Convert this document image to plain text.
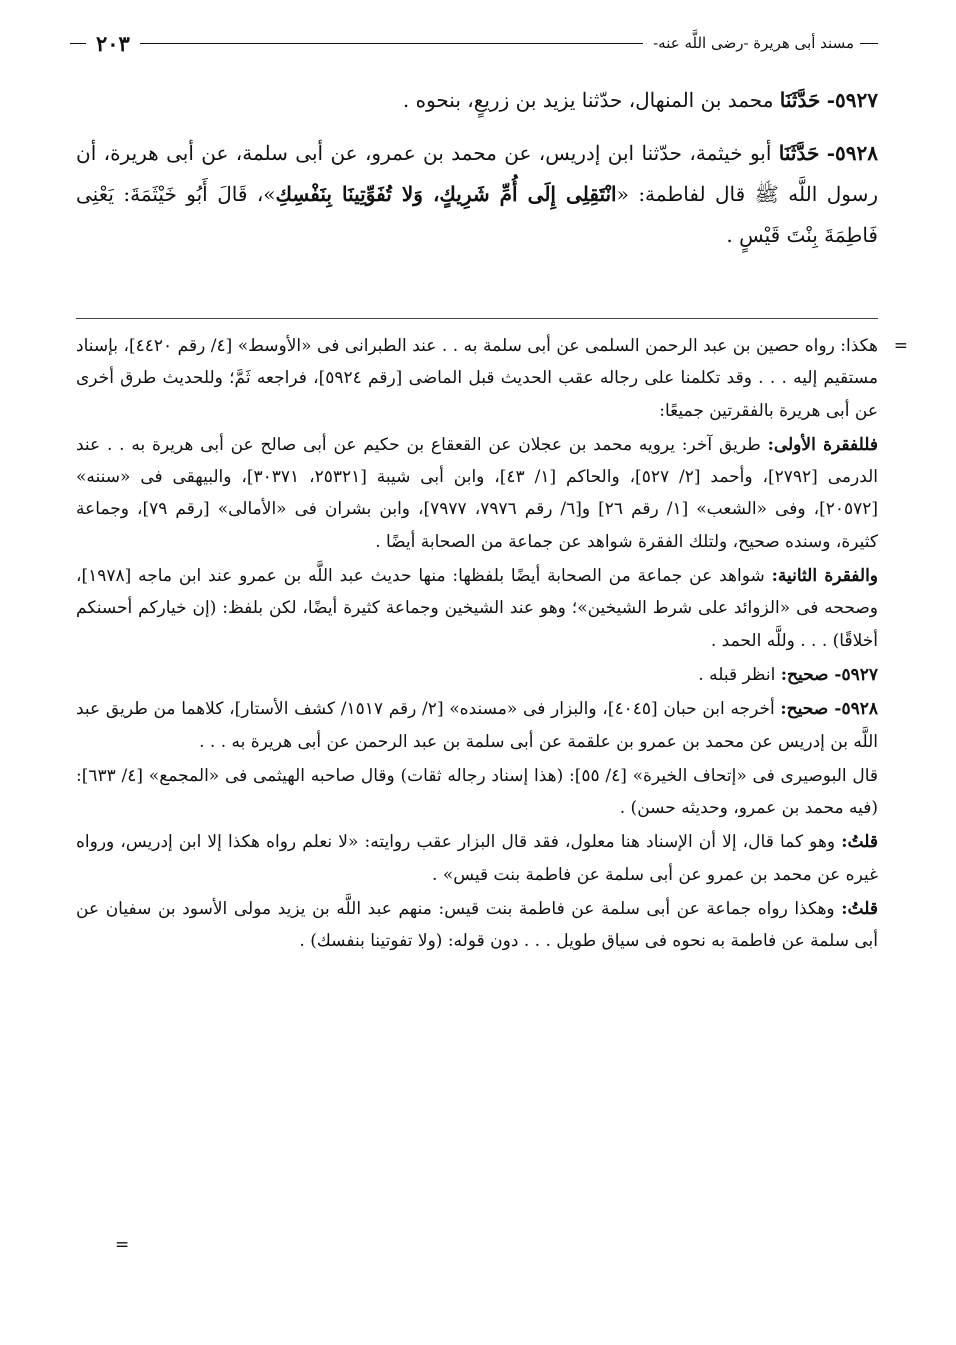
مسند أبى هريرة -رضى اللَّه عنه-
٢٠٣

٥٩٢٧- حَدَّثَنَا محمد بن المنهال، حدّثنا يزيد بن زريعٍ، بنحوه .

٥٩٢٨- حَدَّثَنَا أبو خيثمة، حدّثنا ابن إدريس، عن محمد بن عمرو، عن أبى سلمة، عن أبى هريرة، أن رسول اللَّه ﷺ قال لفاطمة: «انْتَقِلِى إِلَى أُمِّ شَرِيكٍ، وَلا تُفَوِّتِينَا بِنَفْسِكِ»، قَالَ أَبُو خَيْثَمَةَ: يَعْنِى فَاطِمَةَ بِنْتَ قَيْسٍ .

=
هكذا: رواه حصين بن عبد الرحمن السلمى عن أبى سلمة به . . عند الطبرانى فى «الأوسط» [٤/ رقم ٤٤٢٠]، بإسناد مستقيم إليه . . . وقد تكلمنا على رجاله عقب الحديث قبل الماضى [رقم ٥٩٢٤]، فراجعه ثَمَّ؛ وللحديث طرق أخرى عن أبى هريرة بالفقرتين جميعًا:

فللفقرة الأولى: طريق آخر: يرويه محمد بن عجلان عن القعقاع بن حكيم عن أبى صالح عن أبى هريرة به . . عند الدرمى [٢٧٩٢]، وأحمد [٢/ ٥٢٧]، والحاكم [١/ ٤٣]، وابن أبى شيبة [٢٥٣٢١، ٣٠٣٧١]، والبيهقى فى «سننه» [٢٠٥٧٢]، وفى «الشعب» [١/ رقم ٢٦] و[٦/ رقم ٧٩٧٦، ٧٩٧٧]، وابن بشران فى «الأمالى» [رقم ٧٩]، وجماعة كثيرة، وسنده صحيح، ولتلك الفقرة شواهد عن جماعة من الصحابة أيضًا .

والفقرة الثانية: شواهد عن جماعة من الصحابة أيضًا بلفظها: منها حديث عبد اللَّه بن عمرو عند ابن ماجه [١٩٧٨]، وصححه فى «الزوائد على شرط الشيخين»؛ وهو عند الشيخين وجماعة كثيرة أيضًا، لكن بلفظ: (إن خياركم أحسنكم أخلاقًا) . . . وللَّه الحمد .

٥٩٢٧- صحيح: انظر قبله .

٥٩٢٨- صحيح: أخرجه ابن حبان [٤٠٤٥]، والبزار فى «مسنده» [٢/ رقم ١٥١٧/ كشف الأستار]، كلاهما من طريق عبد اللَّه بن إدريس عن محمد بن عمرو بن علقمة عن أبى سلمة بن عبد الرحمن عن أبى هريرة به . . .

قال البوصيرى فى «إتحاف الخيرة» [٤/ ٥٥]: (هذا إسناد رجاله ثقات) وقال صاحبه الهيثمى فى «المجمع» [٤/ ٦٣٣]: (فيه محمد بن عمرو، وحديثه حسن) .

قلتُ: وهو كما قال، إلا أن الإسناد هنا معلول، فقد قال البزار عقب روايته: «لا نعلم رواه هكذا إلا ابن إدريس، ورواه غيره عن محمد بن عمرو عن أبى سلمة عن فاطمة بنت قيس» .

قلتُ: وهكذا رواه جماعة عن أبى سلمة عن فاطمة بنت قيس: منهم عبد اللَّه بن يزيد مولى الأسود بن سفيان عن أبى سلمة عن فاطمة به نحوه فى سياق طويل . . . دون قوله: (ولا تفوتينا بنفسك) .

=
